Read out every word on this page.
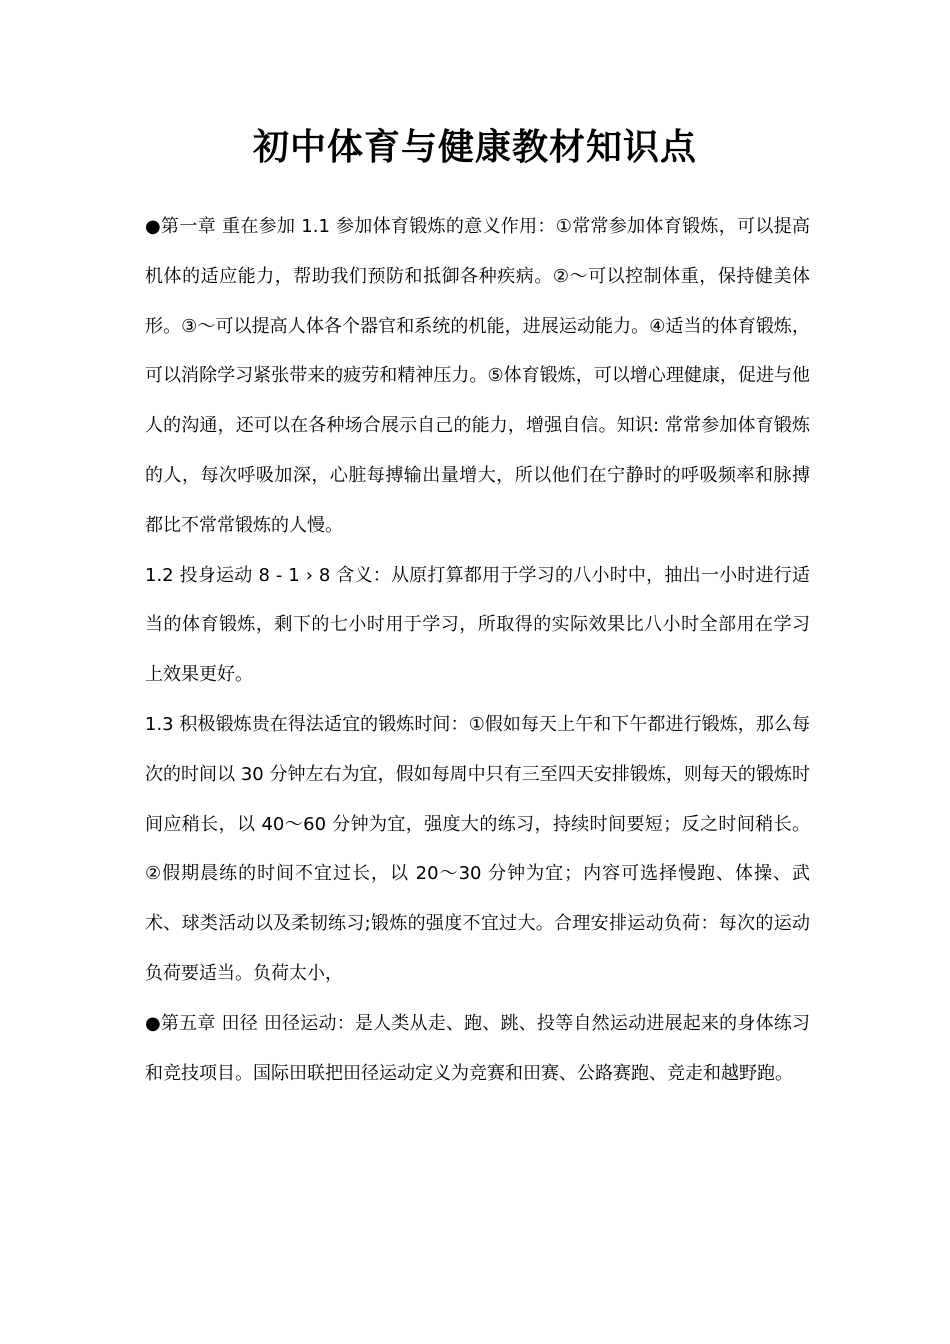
初中体育与健康教材知识点

●第一章 重在参加 1.1 参加体育锻炼的意义作用：①常常参加体育锻炼，可以提高机体的适应能力，帮助我们预防和抵御各种疾病。②～可以控制体重，保持健美体形。③～可以提高人体各个器官和系统的机能，进展运动能力。④适当的体育锻炼，可以消除学习紧张带来的疲劳和精神压力。⑤体育锻炼，可以增心理健康，促进与他人的沟通，还可以在各种场合展示自己的能力，增强自信。知识: 常常参加体育锻炼的人，每次呼吸加深，心脏每搏输出量增大，所以他们在宁静时的呼吸频率和脉搏都比不常常锻炼的人慢。

1.2 投身运动 8 - 1 › 8 含义：从原打算都用于学习的八小时中，抽出一小时进行适当的体育锻炼，剩下的七小时用于学习，所取得的实际效果比八小时全部用在学习上效果更好。

1.3 积极锻炼贵在得法适宜的锻炼时间：①假如每天上午和下午都进行锻炼，那么每次的时间以 30 分钟左右为宜，假如每周中只有三至四天安排锻炼，则每天的锻炼时间应稍长，以 40～60 分钟为宜，强度大的练习，持续时间要短；反之时间稍长。②假期晨练的时间不宜过长，以 20～30 分钟为宜；内容可选择慢跑、体操、武术、球类活动以及柔韧练习;锻炼的强度不宜过大。合理安排运动负荷：每次的运动负荷要适当。负荷太小，

●第五章 田径 田径运动：是人类从走、跑、跳、投等自然运动进展起来的身体练习和竞技项目。国际田联把田径运动定义为竞赛和田赛、公路赛跑、竞走和越野跑。
